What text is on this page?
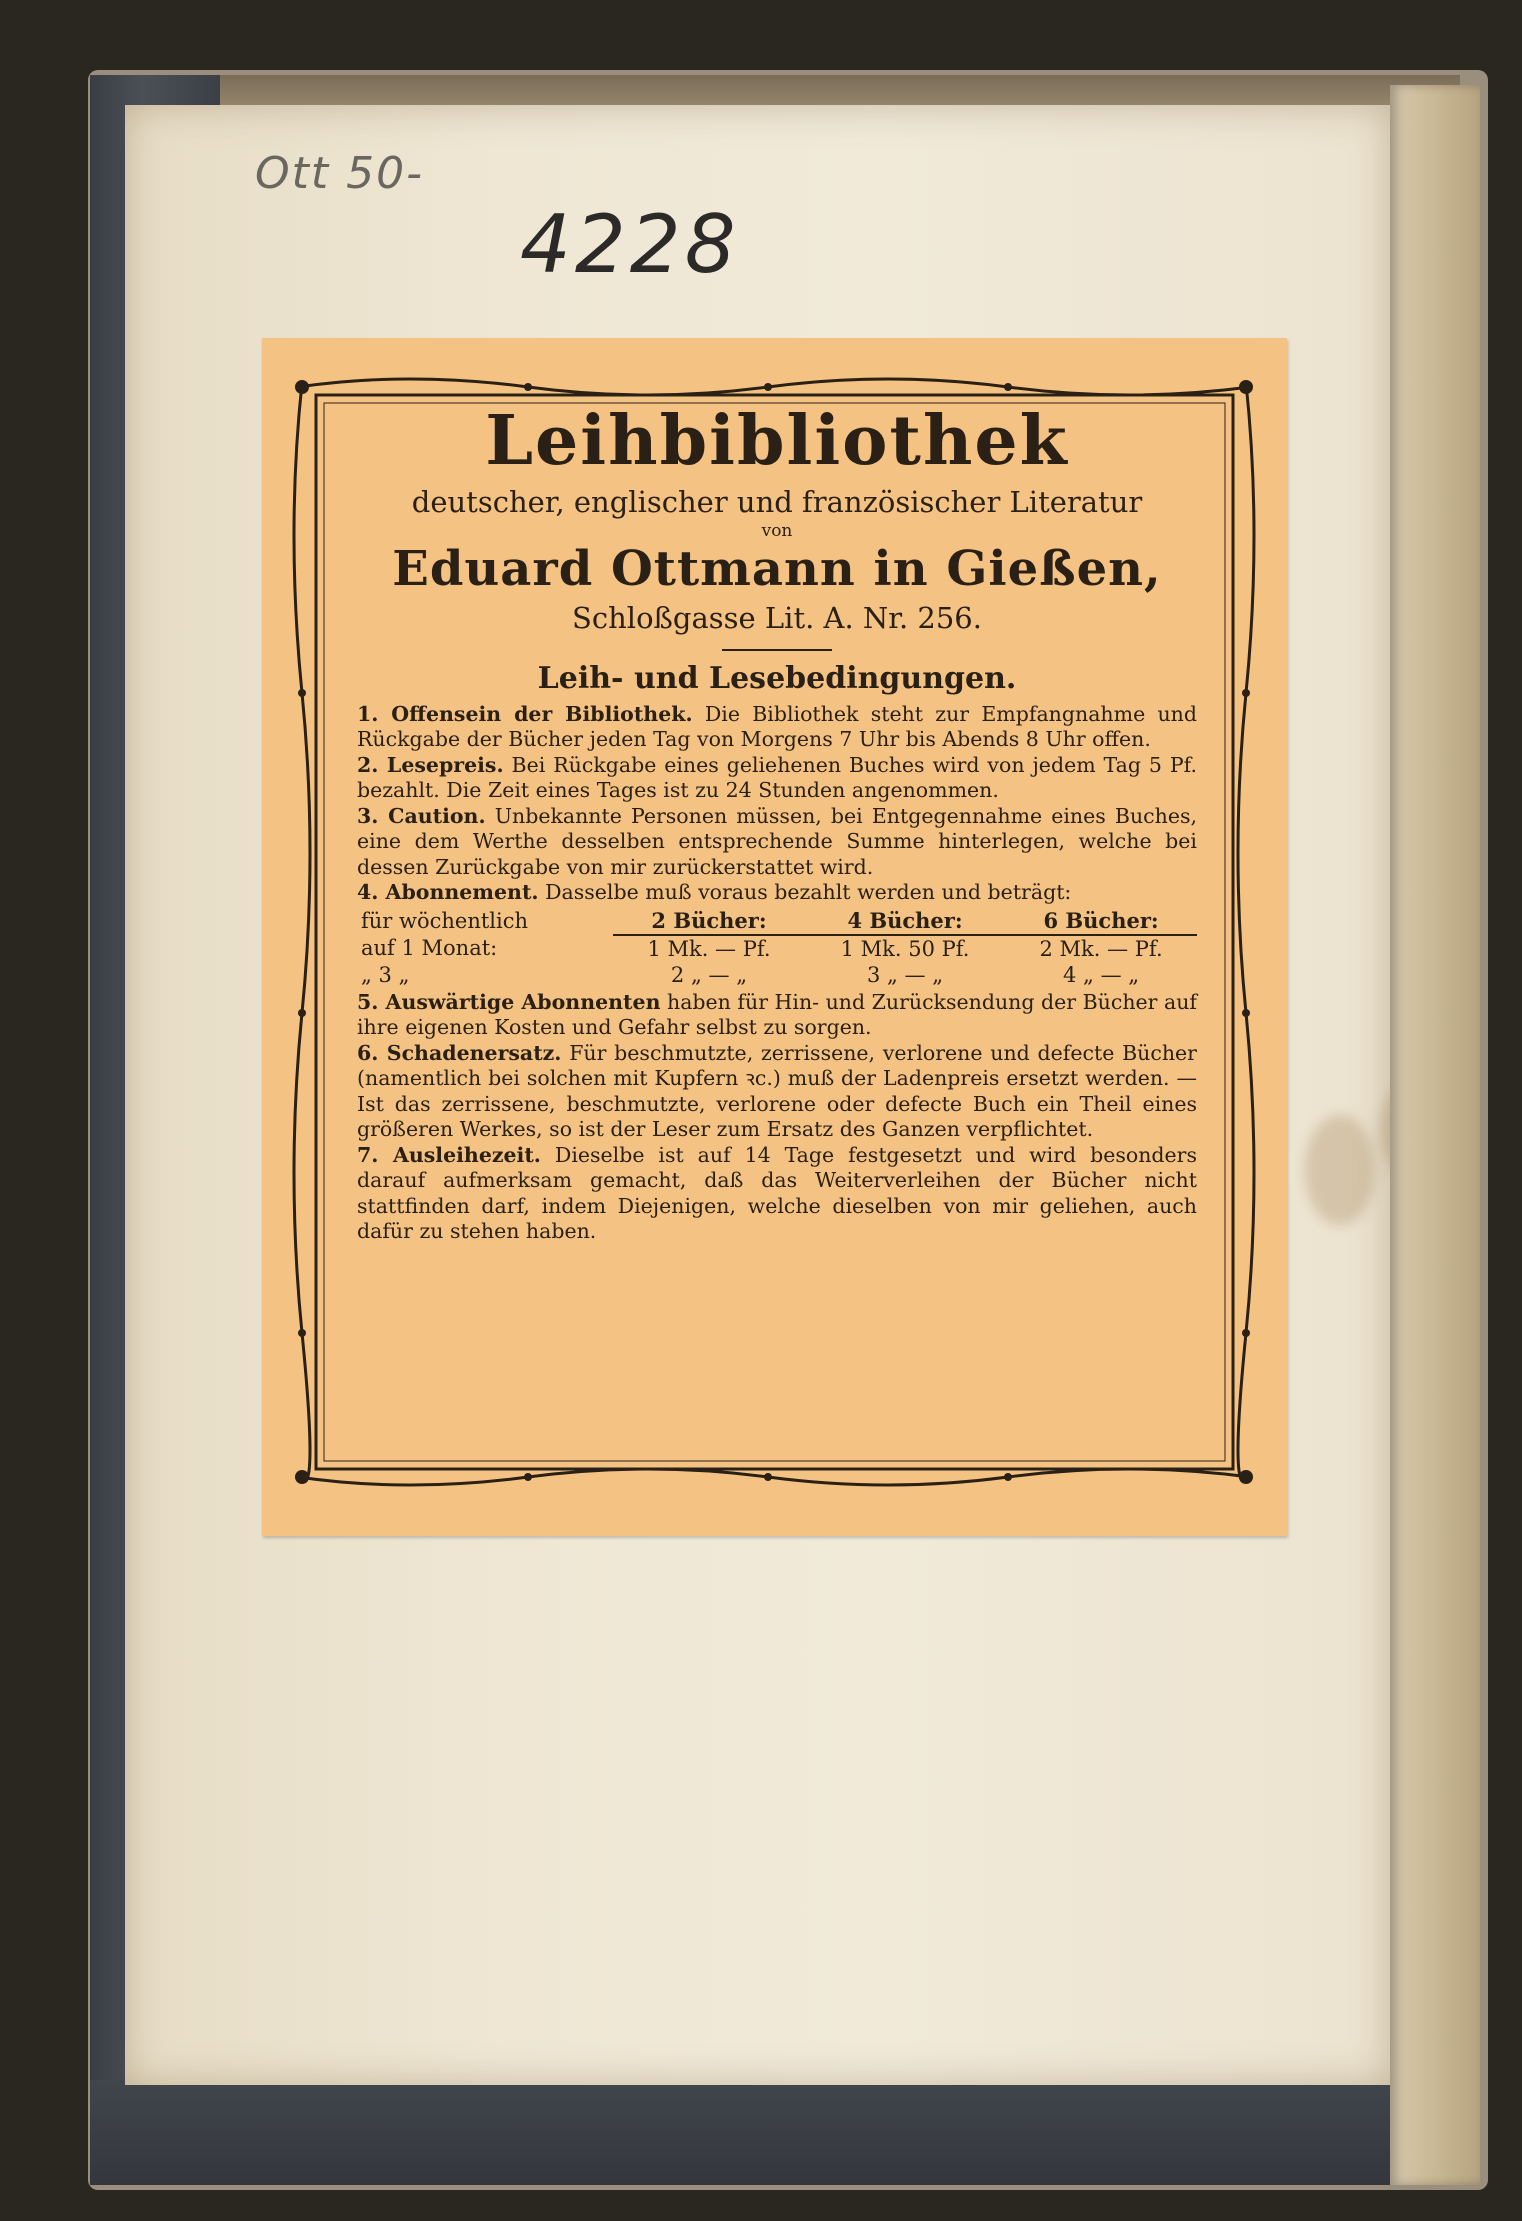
Ott 50-
4228
Leihbibliothek
deutscher, englischer und französischer Literatur
von
Eduard Ottmann in Gießen,
Schloßgasse Lit. A. Nr. 256.
Leih- und Lesebedingungen.
1. Offensein der Bibliothek. Die Bibliothek steht zur Empfangnahme und Rückgabe der Bücher jeden Tag von Morgens 7 Uhr bis Abends 8 Uhr offen.
2. Lesepreis. Bei Rückgabe eines geliehenen Buches wird von jedem Tag 5 Pf. bezahlt. Die Zeit eines Tages ist zu 24 Stunden angenommen.
3. Caution. Unbekannte Personen müssen, bei Entgegennahme eines Buches, eine dem Werthe desselben entsprechende Summe hinterlegen, welche bei dessen Zurückgabe von mir zurückerstattet wird.
4. Abonnement. Dasselbe muß voraus bezahlt werden und beträgt:
für wöchentlich	2 Bücher:	4 Bücher:	6 Bücher:
auf 1 Monat:	1 Mk. — Pf.	1 Mk. 50 Pf.	2 Mk. — Pf.
„ 3 „	2 „ — „	3 „ — „	4 „ — „
5. Auswärtige Abonnenten haben für Hin- und Zurücksendung der Bücher auf ihre eigenen Kosten und Gefahr selbst zu sorgen.
6. Schadenersatz. Für beschmutzte, zerrissene, verlorene und defecte Bücher (namentlich bei solchen mit Kupfern ꝛc.) muß der Ladenpreis ersetzt werden. — Ist das zerrissene, beschmutzte, verlorene oder defecte Buch ein Theil eines größeren Werkes, so ist der Leser zum Ersatz des Ganzen verpflichtet.
7. Ausleihezeit. Dieselbe ist auf 14 Tage festgesetzt und wird besonders darauf aufmerksam gemacht, daß das Weiterverleihen der Bücher nicht stattfinden darf, indem Diejenigen, welche dieselben von mir geliehen, auch dafür zu stehen haben.
